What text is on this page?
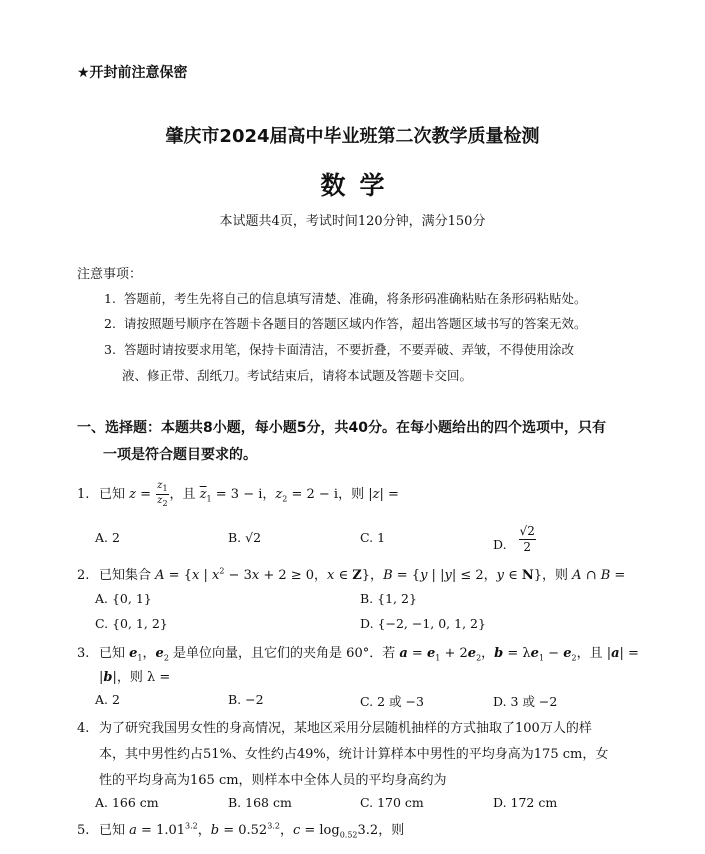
★开封前注意保密
肇庆市2024届高中毕业班第二次教学质量检测
数学
本试题共4页，考试时间120分钟，满分150分
注意事项：
1. 答题前，考生先将自己的信息填写清楚、准确，将条形码准确粘贴在条形码粘贴处。
2. 请按照题号顺序在答题卡各题目的答题区域内作答，超出答题区域书写的答案无效。
3. 答题时请按要求用笔，保持卡面清洁，不要折叠，不要弄破、弄皱，不得使用涂改
液、修正带、刮纸刀。考试结束后，请将本试题及答题卡交回。
一、选择题：本题共8小题，每小题5分，共40分。在每小题给出的四个选项中，只有
一项是符合题目要求的。
1. 已知 $z = \frac{z_1}{z_2}$ ，且 $\overline{z}_1 = 3 - i$，$z_2 = 2 - i$，则 |z| =
A. 2	B. √2	C. 1	D. $\frac{√2}{2}$
2. 已知集合 A = {x | $x^2 - 3x + 2 \ge 0$，x ∈ Z}，B = {y | |y| ≤ 2，y ∈ N}，则 A ∩ B =
A. {0, 1}	B. {1, 2}
C. {0, 1, 2}	D. {−2, −1, 0, 1, 2}
3. 已知 $e_1$，$e_2$ 是单位向量，且它们的夹角是 60°．若 $a = e_1 + 2e_2$，$b = \lambda e_1 - e_2$，且 |a| =
|b|，则 λ =
A. 2	B. −2	C. 2 或 −3	D. 3 或 −2
4. 为了研究我国男女性的身高情况，某地区采用分层随机抽样的方式抽取了100万人的样
本，其中男性约占51%、女性约占49%，统计计算样本中男性的平均身高为175 cm，女
性的平均身高为165 cm，则样本中全体人员的平均身高约为
A. 166 cm	B. 168 cm	C. 170 cm	D. 172 cm
5. 已知 $a = 1.01^{3.2}$，$b = 0.52^{3.2}$，$c = \log_{0.52}3.2$，则
